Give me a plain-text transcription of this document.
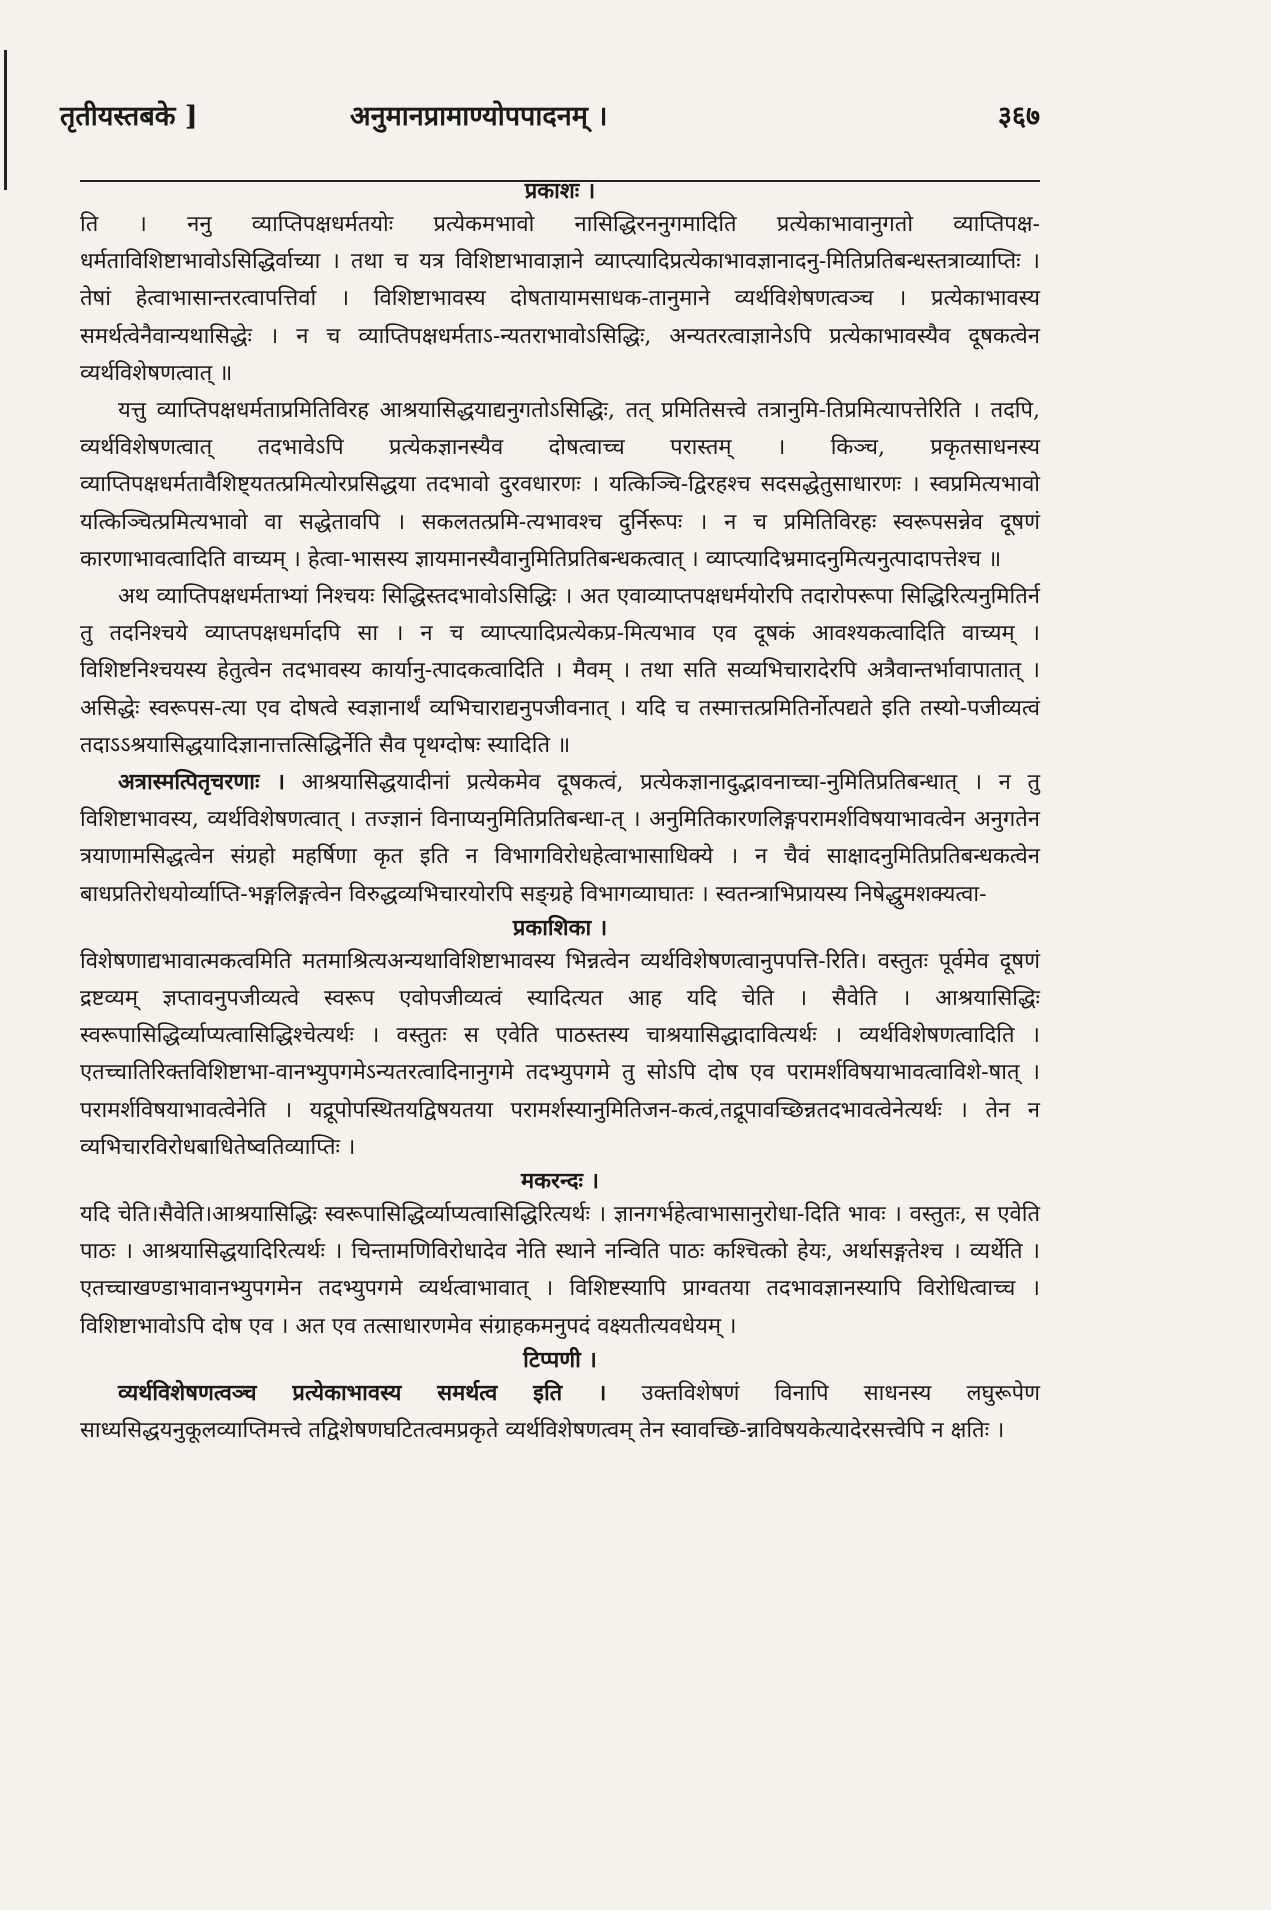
तृतीयस्तबके ]	अनुमानप्रामाण्योपपादनम् ।	३६७
प्रकाशः ।

ति । ननु व्याप्तिपक्षधर्मतयोः प्रत्येकमभावो नासिद्धिरननुगमादिति प्रत्येकाभावानुगतो व्याप्तिपक्ष-धर्मताविशिष्टाभावोऽसिद्धिर्वाच्या । तथा च यत्र विशिष्टाभावाज्ञाने व्याप्त्यादिप्रत्येकाभावज्ञानादनु-मितिप्रतिबन्धस्तत्राव्याप्तिः । तेषां हेत्वाभासान्तरत्वापत्तिर्वा । विशिष्टाभावस्य दोषतायामसाधक-तानुमाने व्यर्थविशेषणत्वञ्च । प्रत्येकाभावस्य समर्थत्वेनैवान्यथासिद्धेः । न च व्याप्तिपक्षधर्मताऽ-न्यतराभावोऽसिद्धिः, अन्यतरत्वाज्ञानेऽपि प्रत्येकाभावस्यैव दूषकत्वेन व्यर्थविशेषणत्वात् ॥

यत्तु व्याप्तिपक्षधर्मताप्रमितिविरह आश्रयासिद्धयाद्यनुगतोऽसिद्धिः, तत् प्रमितिसत्त्वे तत्रानुमि-तिप्रमित्यापत्तेरिति । तदपि, व्यर्थविशेषणत्वात् तदभावेऽपि प्रत्येकज्ञानस्यैव दोषत्वाच्च परास्तम् । किञ्च, प्रकृतसाधनस्य व्याप्तिपक्षधर्मतावैशिष्ट्यतत्प्रमित्योरप्रसिद्धया तदभावो दुरवधारणः । यत्किञ्चि-द्विरहश्च सदसद्धेतुसाधारणः । स्वप्रमित्यभावो यत्किञ्चित्प्रमित्यभावो वा सद्धेतावपि । सकलतत्प्रमि-त्यभावश्च दुर्निरूपः । न च प्रमितिविरहः स्वरूपसन्नेव दूषणं कारणाभावत्वादिति वाच्यम् । हेत्वा-भासस्य ज्ञायमानस्यैवानुमितिप्रतिबन्धकत्वात् । व्याप्त्यादिभ्रमादनुमित्यनुत्पादापत्तेश्च ॥

अथ व्याप्तिपक्षधर्मताभ्यां निश्चयः सिद्धिस्तदभावोऽसिद्धिः । अत एवाव्याप्तपक्षधर्मयोरपि तदारोपरूपा सिद्धिरित्यनुमितिर्न तु तदनिश्चये व्याप्तपक्षधर्मादपि सा । न च व्याप्त्यादिप्रत्येकप्र-मित्यभाव एव दूषकं आवश्यकत्वादिति वाच्यम् । विशिष्टनिश्चयस्य हेतुत्वेन तदभावस्य कार्यानु-त्पादकत्वादिति । मैवम् । तथा सति सव्यभिचारादेरपि अत्रैवान्तर्भावापातात् । असिद्धेः स्वरूपस-त्या एव दोषत्वे स्वज्ञानार्थं व्यभिचाराद्यनुपजीवनात् । यदि च तस्मात्तत्प्रमितिर्नोत्पद्यते इति तस्यो-पजीव्यत्वं तदाऽऽश्रयासिद्धयादिज्ञानात्तत्सिद्धिर्नेति सैव पृथग्दोषः स्यादिति ॥

अत्रास्मत्पितृचरणाः । आश्रयासिद्धयादीनां प्रत्येकमेव दूषकत्वं, प्रत्येकज्ञानादुद्भावनाच्चा-नुमितिप्रतिबन्धात् । न तु विशिष्टाभावस्य, व्यर्थविशेषणत्वात् । तज्ज्ञानं विनाप्यनुमितिप्रतिबन्धा-त् । अनुमितिकारणलिङ्गपरामर्शविषयाभावत्वेन अनुगतेन त्रयाणामसिद्धत्वेन संग्रहो महर्षिणा कृत इति न विभागविरोधहेत्वाभासाधिक्ये । न चैवं साक्षादनुमितिप्रतिबन्धकत्वेन बाधप्रतिरोधयोर्व्याप्ति-भङ्गलिङ्गत्वेन विरुद्धव्यभिचारयोरपि सङ्ग्रहे विभागव्याघातः । स्वतन्त्राभिप्रायस्य निषेद्धुमशक्यत्वा-

प्रकाशिका ।

विशेषणाद्यभावात्मकत्वमिति मतमाश्रित्यअन्यथाविशिष्टाभावस्य भिन्नत्वेन व्यर्थविशेषणत्वानुपपत्ति-रिति। वस्तुतः पूर्वमेव दूषणं द्रष्टव्यम् ज्ञप्तावनुपजीव्यत्वे स्वरूप एवोपजीव्यत्वं स्यादित्यत आह यदि चेति । सैवेति । आश्रयासिद्धिः स्वरूपासिद्धिर्व्याप्यत्वासिद्धिश्चेत्यर्थः । वस्तुतः स एवेति पाठस्तस्य चाश्रयासिद्धादावित्यर्थः । व्यर्थविशेषणत्वादिति । एतच्चातिरिक्तविशिष्टाभा-वानभ्युपगमेऽन्यतरत्वादिनानुगमे तदभ्युपगमे तु सोऽपि दोष एव परामर्शविषयाभावत्वाविशे-षात् । परामर्शविषयाभावत्वेनेति । यद्रूपोपस्थितयद्विषयतया परामर्शस्यानुमितिजन-कत्वं,तद्रूपावच्छिन्नतदभावत्वेनेत्यर्थः । तेन न व्यभिचारविरोधबाधितेष्वतिव्याप्तिः ।

मकरन्दः ।

यदि चेति।सैवेति।आश्रयासिद्धिः स्वरूपासिद्धिर्व्याप्यत्वासिद्धिरित्यर्थः । ज्ञानगर्भहेत्वाभासानुरोधा-दिति भावः । वस्तुतः, स एवेति पाठः । आश्रयासिद्धयादिरित्यर्थः । चिन्तामणिविरोधादेव नेति स्थाने नन्विति पाठः कश्चित्को हेयः, अर्थासङ्गतेश्च । व्यर्थेति । एतच्चाखण्डाभावानभ्युपगमेन तदभ्युपगमे व्यर्थत्वाभावात् । विशिष्टस्यापि प्राग्वतया तदभावज्ञानस्यापि विरोधित्वाच्च । विशिष्टाभावोऽपि दोष एव । अत एव तत्साधारणमेव संग्राहकमनुपदं वक्ष्यतीत्यवधेयम् ।

टिप्पणी ।

व्यर्थविशेषणत्वञ्च प्रत्येकाभावस्य समर्थत्व इति । उक्तविशेषणं विनापि साधनस्य लघुरूपेण साध्यसिद्धयनुकूलव्याप्तिमत्त्वे तद्विशेषणघटितत्वमप्रकृते व्यर्थविशेषणत्वम् तेन स्वावच्छि-न्नाविषयकेत्यादेरसत्त्वेपि न क्षतिः ।
